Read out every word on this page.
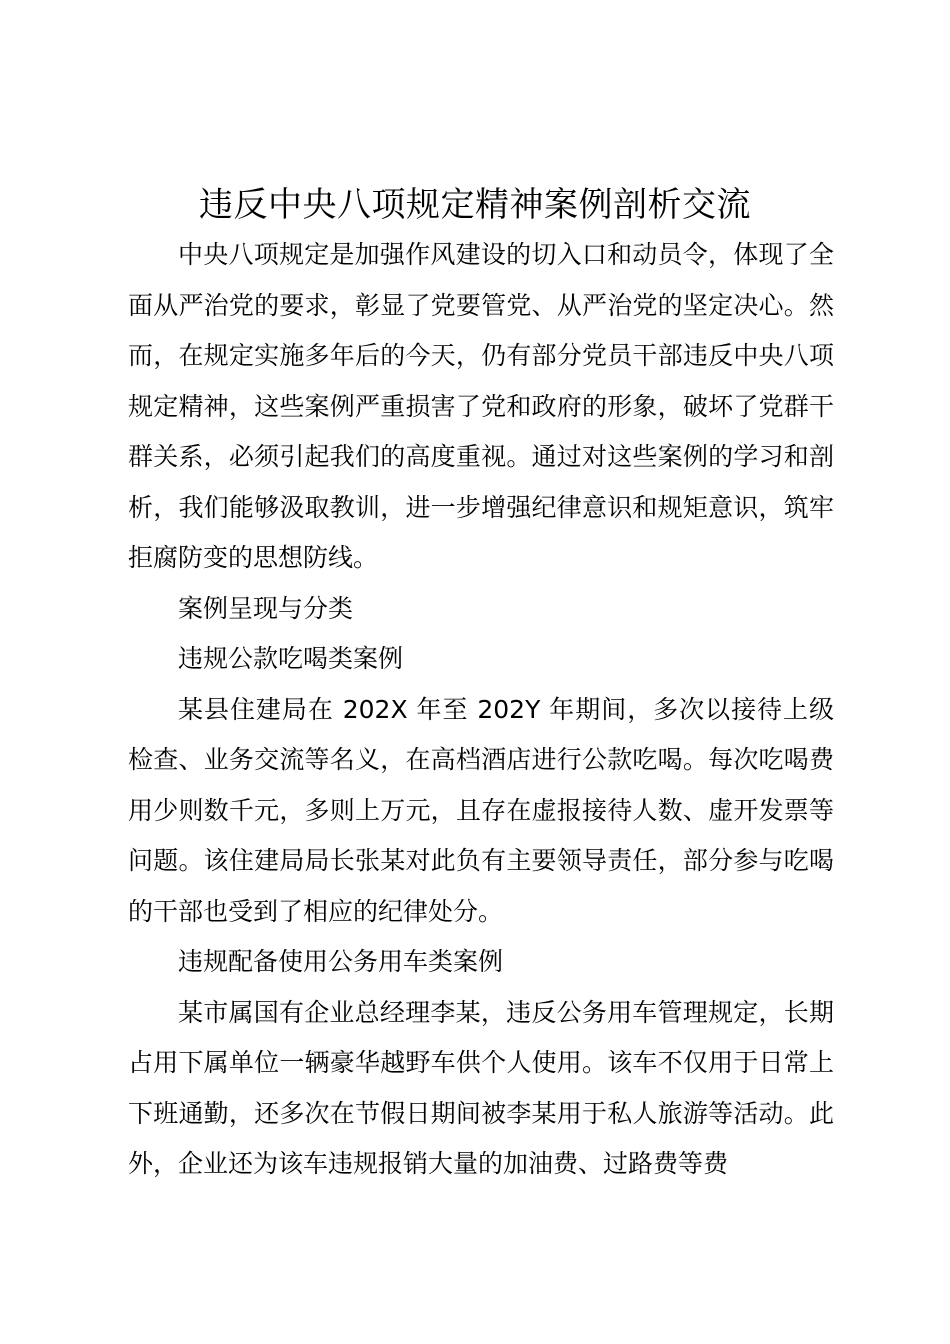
违反中央八项规定精神案例剖析交流

中央八项规定是加强作风建设的切入口和动员令，体现了全面从严治党的要求，彰显了党要管党、从严治党的坚定决心。然而，在规定实施多年后的今天，仍有部分党员干部违反中央八项规定精神，这些案例严重损害了党和政府的形象，破坏了党群干群关系，必须引起我们的高度重视。通过对这些案例的学习和剖析，我们能够汲取教训，进一步增强纪律意识和规矩意识，筑牢拒腐防变的思想防线。

案例呈现与分类

违规公款吃喝类案例

某县住建局在 202X 年至 202Y 年期间，多次以接待上级检查、业务交流等名义，在高档酒店进行公款吃喝。每次吃喝费用少则数千元，多则上万元，且存在虚报接待人数、虚开发票等问题。该住建局局长张某对此负有主要领导责任，部分参与吃喝的干部也受到了相应的纪律处分。

违规配备使用公务用车类案例

某市属国有企业总经理李某，违反公务用车管理规定，长期占用下属单位一辆豪华越野车供个人使用。该车不仅用于日常上下班通勤，还多次在节假日期间被李某用于私人旅游等活动。此外，企业还为该车违规报销大量的加油费、过路费等费
